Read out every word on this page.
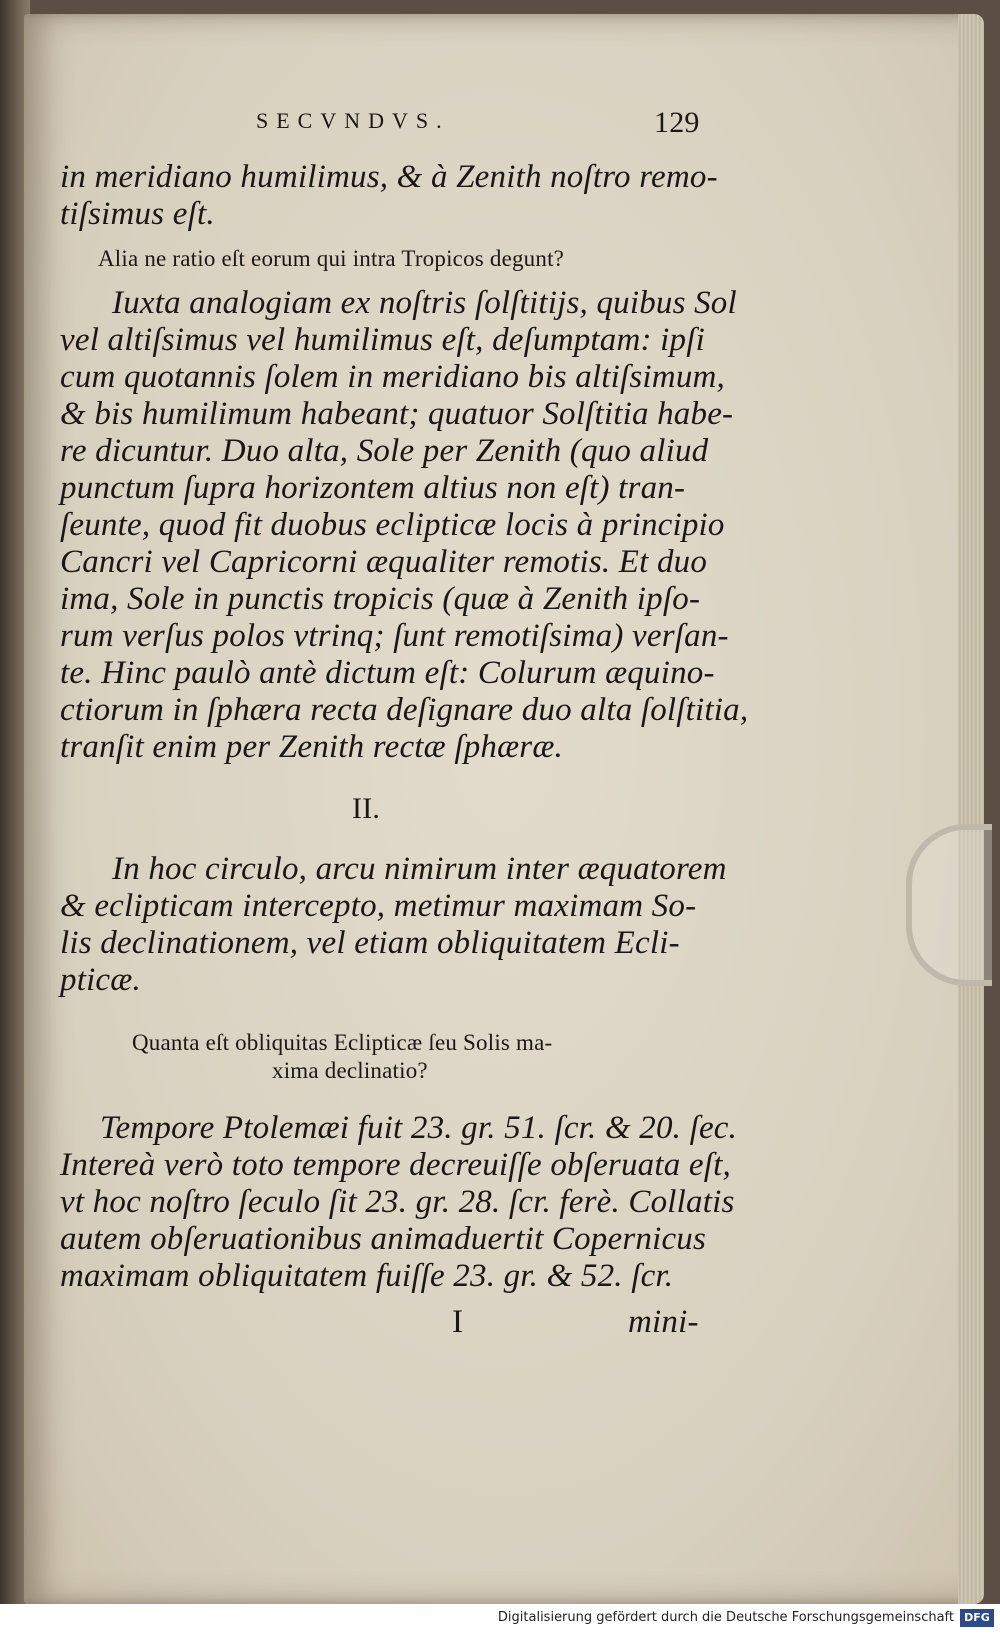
SECVNDVS.	129
in meridiano humilimus, & à Zenith noſtro remo-
tiſsimus eſt.
Alia ne ratio eſt eorum qui intra Tropicos degunt?
Iuxta analogiam ex noſtris ſolſtitijs, quibus Sol
vel altiſsimus vel humilimus eſt, deſumptam: ipſi
cum quotannis ſolem in meridiano bis altiſsimum,
& bis humilimum habeant; quatuor Solſtitia habe-
re dicuntur. Duo alta, Sole per Zenith (quo aliud
punctum ſupra horizontem altius non eſt) tran-
ſeunte, quod fit duobus eclipticæ locis à principio
Cancri vel Capricorni æqualiter remotis. Et duo
ima, Sole in punctis tropicis (quæ à Zenith ipſo-
rum verſus polos vtrinq; ſunt remotiſsima) verſan-
te. Hinc paulò antè dictum eſt: Colurum æquino-
ctiorum in ſphæra recta deſignare duo alta ſolſtitia,
tranſit enim per Zenith rectæ ſphæræ.
II.
In hoc circulo, arcu nimirum inter æquatorem
& eclipticam intercepto, metimur maximam So-
lis declinationem, vel etiam obliquitatem Ecli-
pticæ.
Quanta eſt obliquitas Eclipticæ ſeu Solis ma-
xima declinatio?
Tempore Ptolemæi fuit 23. gr. 51. ſcr. & 20. ſec.
Intereà verò toto tempore decreuiſſe obſeruata eſt,
vt hoc noſtro ſeculo ſit 23. gr. 28. ſcr. ferè. Collatis
autem obſeruationibus animaduertit Copernicus
maximam obliquitatem fuiſſe 23. gr. & 52. ſcr.
I	mini-
Digitalisierung gefördert durch die Deutsche Forschungsgemeinschaft DFG
